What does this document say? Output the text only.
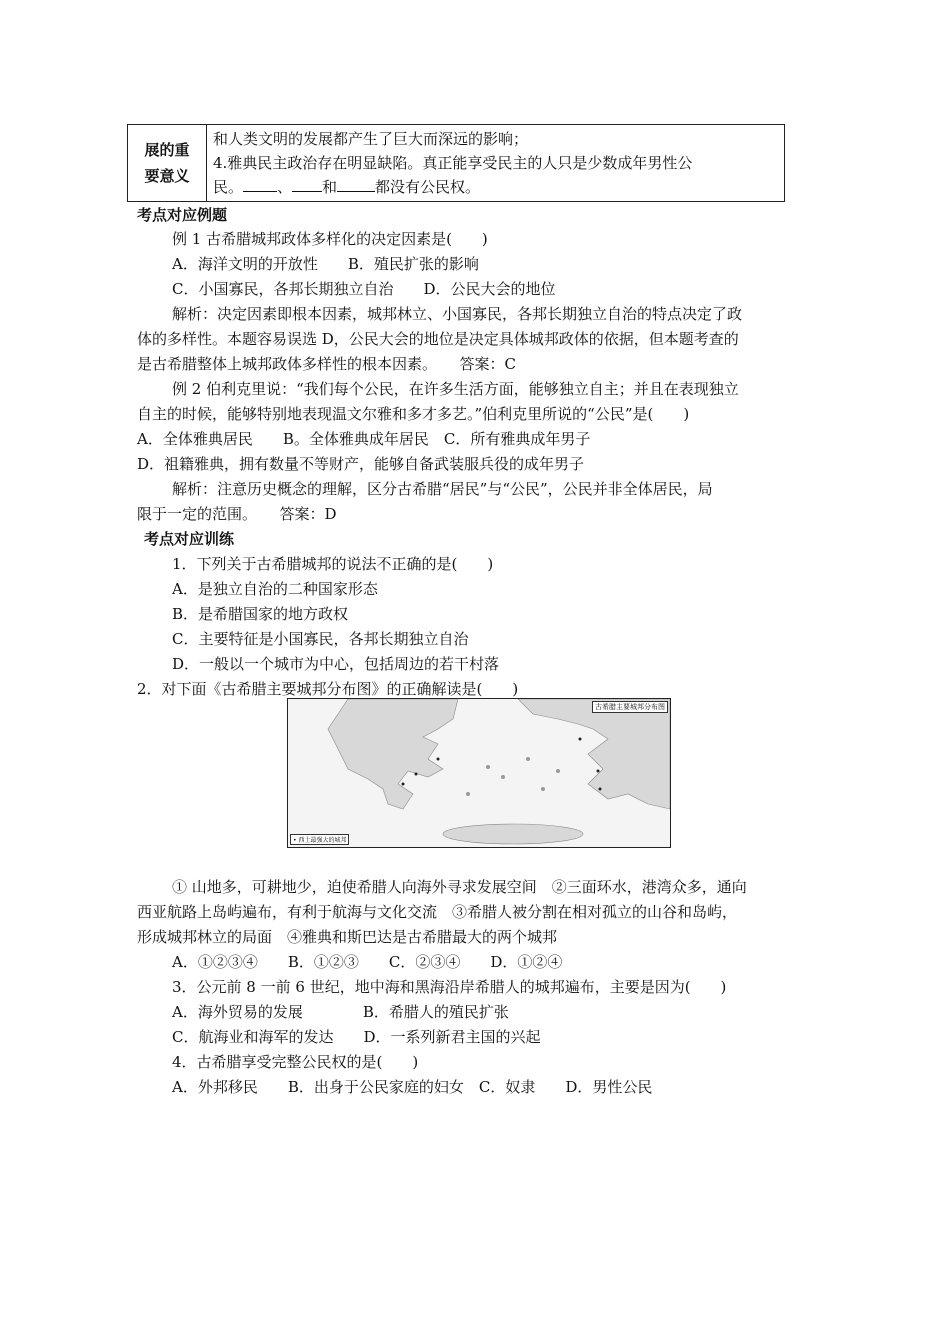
展的重要意义	
和人类文明的发展都产生了巨大而深远的影响；
4.雅典民主政治存在明显缺陷。真正能享受民主的人只是少数成年男性公
民。 、 和	都没有公民权。
考点对应例题
例 1 古希腊城邦政体多样化的决定因素是(　　)
A．海洋文明的开放性　　B．殖民扩张的影响
C．小国寡民，各邦长期独立自治　　D．公民大会的地位
解析：决定因素即根本因素，城邦林立、小国寡民，各邦长期独立自治的特点决定了政
体的多样性。本题容易误选 D，公民大会的地位是决定具体城邦政体的依据，但本题考查的
是古希腊整体上城邦政体多样性的根本因素。　　答案：C
例 2 伯利克里说：“我们每个公民，在许多生活方面，能够独立自主；并且在表现独立
自主的时候，能够特别地表现温文尔雅和多才多艺。”伯利克里所说的“公民”是(　　)
A．全体雅典居民　　B。全体雅典成年居民　C．所有雅典成年男子
D．祖籍雅典，拥有数量不等财产，能够自备武装服兵役的成年男子
解析：注意历史概念的理解，区分古希腊“居民”与“公民”，公民并非全体居民，局
限于一定的范围。　　答案：D
考点对应训练
1．下列关于古希腊城邦的说法不正确的是(　　)
A．是独立自治的二种国家形态
B．是希腊国家的地方政权
C．主要特征是小国寡民，各邦长期独立自治
D．一般以一个城市为中心，包括周边的若干村落
2．对下面《古希腊主要城邦分布图》的正确解读是(　　)
古希腊主要城邦分布图
• 西土最强大的城邦
① 山地多，可耕地少，迫使希腊人向海外寻求发展空间　②三面环水，港湾众多，通向
西亚航路上岛屿遍布，有利于航海与文化交流　③希腊人被分割在相对孤立的山谷和岛屿，
形成城邦林立的局面　④雅典和斯巴达是古希腊最大的两个城邦
A．①②③④　　B．①②③　　C．②③④　　D．①②④
3．公元前 8 一前 6 世纪，地中海和黑海沿岸希腊人的城邦遍布，主要是因为(　　)
A．海外贸易的发展　　　　B．希腊人的殖民扩张
C．航海业和海军的发达　　D．一系列新君主国的兴起
4．古希腊享受完整公民权的是(　　)
A．外邦移民　　B．出身于公民家庭的妇女　C．奴隶　　D．男性公民
